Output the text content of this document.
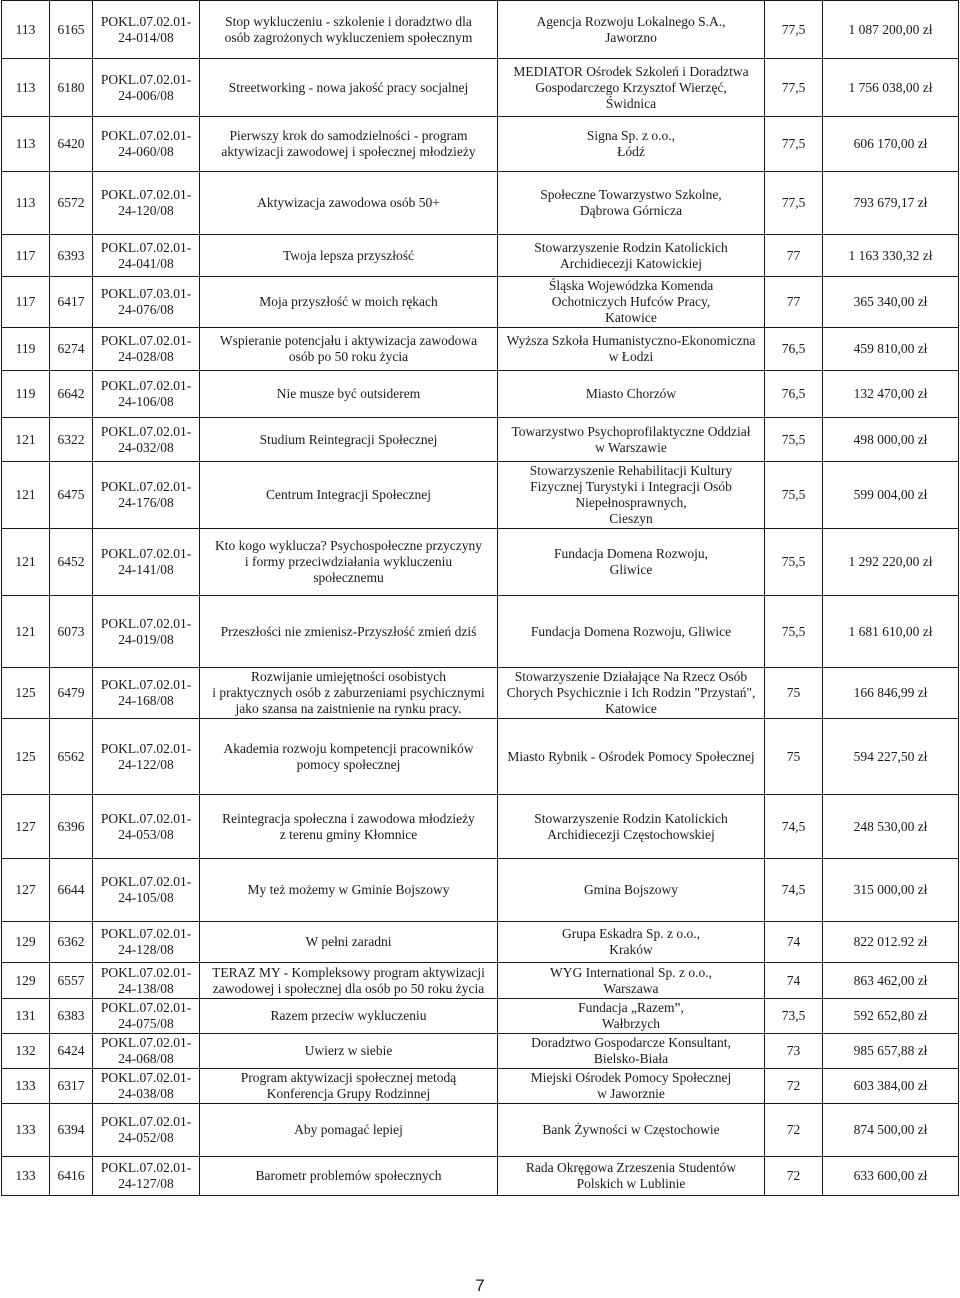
113	6165	POKL.07.02.01-
24-014/08	Stop wykluczeniu - szkolenie i doradztwo dla
osób zagrożonych wykluczeniem społecznym	Agencja Rozwoju Lokalnego S.A.,
Jaworzno	77,5	1 087 200,00 zł
113	6180	POKL.07.02.01-
24-006/08	Streetworking - nowa jakość pracy socjalnej	MEDIATOR Ośrodek Szkoleń i Doradztwa
Gospodarczego Krzysztof Wierzęć,
Świdnica	77,5	1 756 038,00 zł
113	6420	POKL.07.02.01-
24-060/08	Pierwszy krok do samodzielności - program
aktywizacji zawodowej i społecznej młodzieży	Signa Sp. z o.o.,
Łódź	77,5	606 170,00 zł
113	6572	POKL.07.02.01-
24-120/08	Aktywizacja zawodowa osób 50+	Społeczne Towarzystwo Szkolne,
Dąbrowa Górnicza	77,5	793 679,17 zł
117	6393	POKL.07.02.01-
24-041/08	Twoja lepsza przyszłość	Stowarzyszenie Rodzin Katolickich
Archidiecezji Katowickiej	77	1 163 330,32 zł
117	6417	POKL.07.03.01-
24-076/08	Moja przyszłość w moich rękach	Śląska Wojewódzka Komenda
Ochotniczych Hufców Pracy,
Katowice	77	365 340,00 zł
119	6274	POKL.07.02.01-
24-028/08	Wspieranie potencjału i aktywizacja zawodowa
osób po 50 roku życia	Wyższa Szkoła Humanistyczno-Ekonomiczna
w Łodzi	76,5	459 810,00 zł
119	6642	POKL.07.02.01-
24-106/08	Nie musze być outsiderem	Miasto Chorzów	76,5	132 470,00 zł
121	6322	POKL.07.02.01-
24-032/08	Studium Reintegracji Społecznej	Towarzystwo Psychoprofilaktyczne Oddział
w Warszawie	75,5	498 000,00 zł
121	6475	POKL.07.02.01-
24-176/08	Centrum Integracji Społecznej	Stowarzyszenie Rehabilitacji Kultury
Fizycznej Turystyki i Integracji Osób
Niepełnosprawnych,
Cieszyn	75,5	599 004,00 zł
121	6452	POKL.07.02.01-
24-141/08	Kto kogo wyklucza? Psychospołeczne przyczyny
i formy przeciwdziałania wykluczeniu
społecznemu	Fundacja Domena Rozwoju,
Gliwice	75,5	1 292 220,00 zł
121	6073	POKL.07.02.01-
24-019/08	Przeszłości nie zmienisz-Przyszłość zmień dziś	Fundacja Domena Rozwoju, Gliwice	75,5	1 681 610,00 zł
125	6479	POKL.07.02.01-
24-168/08	Rozwijanie umiejętności osobistych
i praktycznych osób z zaburzeniami psychicznymi
jako szansa na zaistnienie na rynku pracy.	Stowarzyszenie Działające Na Rzecz Osób
Chorych Psychicznie i Ich Rodzin "Przystań",
Katowice	75	166 846,99 zł
125	6562	POKL.07.02.01-
24-122/08	Akademia rozwoju kompetencji pracowników
pomocy społecznej	Miasto Rybnik - Ośrodek Pomocy Społecznej	75	594 227,50 zł
127	6396	POKL.07.02.01-
24-053/08	Reintegracja społeczna i zawodowa młodzieży
z terenu gminy Kłomnice	Stowarzyszenie Rodzin Katolickich
Archidiecezji Częstochowskiej	74,5	248 530,00 zł
127	6644	POKL.07.02.01-
24-105/08	My też możemy w Gminie Bojszowy	Gmina Bojszowy	74,5	315 000,00 zł
129	6362	POKL.07.02.01-
24-128/08	W pełni zaradni	Grupa Eskadra Sp. z o.o.,
Kraków	74	822 012.92 zł
129	6557	POKL.07.02.01-
24-138/08	TERAZ MY - Kompleksowy program aktywizacji
zawodowej i społecznej dla osób po 50 roku życia	WYG International Sp. z o.o.,
Warszawa	74	863 462,00 zł
131	6383	POKL.07.02.01-
24-075/08	Razem przeciw wykluczeniu	Fundacja „Razem”,
Wałbrzych	73,5	592 652,80 zł
132	6424	POKL.07.02.01-
24-068/08	Uwierz w siebie	Doradztwo Gospodarcze Konsultant,
Bielsko-Biała	73	985 657,88 zł
133	6317	POKL.07.02.01-
24-038/08	Program aktywizacji społecznej metodą
Konferencja Grupy Rodzinnej	Miejski Ośrodek Pomocy Społecznej
w Jaworznie	72	603 384,00 zł
133	6394	POKL.07.02.01-
24-052/08	Aby pomagać lepiej	Bank Żywności w Częstochowie	72	874 500,00 zł
133	6416	POKL.07.02.01-
24-127/08	Barometr problemów społecznych	Rada Okręgowa Zrzeszenia Studentów
Polskich w Lublinie	72	633 600,00 zł
7
